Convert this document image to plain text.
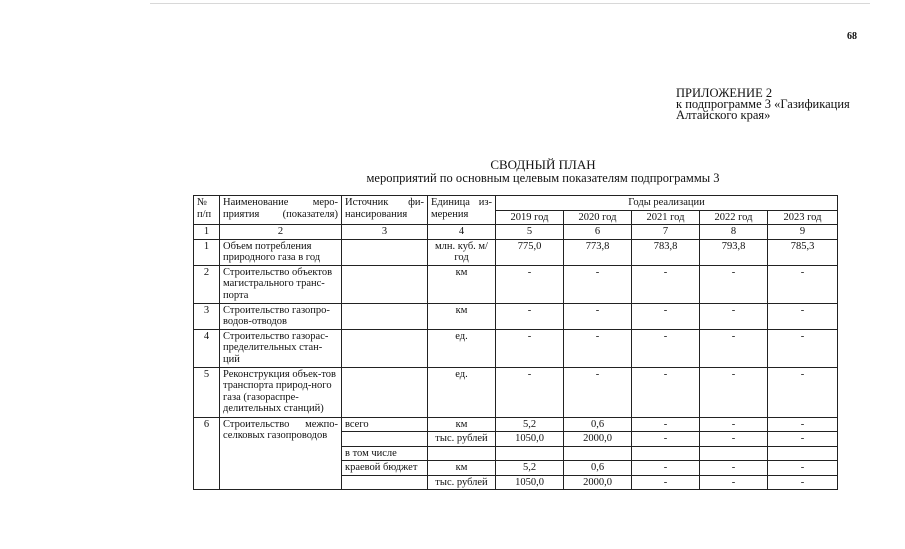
68
ПРИЛОЖЕНИЕ 2
к подпрограмме 3 «Газификация
Алтайского края»
СВОДНЫЙ ПЛАН
мероприятий по основным целевым показателям подпрограммы 3
№ п/п	Наименование меро-приятия (показателя)	Источник фи-нансирования	Единица из-мерения	Годы реализации				
				2019 год	2020 год	2021 год	2022 год	2023 год
1	2	3	4	5	6	7	8	9
1	Объем потребления природного газа в год		млн. куб. м/год	775,0	773,8	783,8	793,8	785,3
2	Строительство объектов магистрального транс-порта		км	-	-	-	-	-
3	Строительство газопро-водов-отводов		км	-	-	-	-	-
4	Строительство газорас-пределительных стан-ций		ед.	-	-	-	-	-
5	Реконструкция объек-тов транспорта природ-ного газа (газораспре-делительных станций)		ед.	-	-	-	-	-
6	Строительство межпо-селковых газопроводов	всего	км	5,2	0,6	-	-	-
			тыс. рублей	1050,0	2000,0	-	-	-
		в том числе						
		краевой бюджет	км	5,2	0,6	-	-	-
			тыс. рублей	1050,0	2000,0	-	-	-
